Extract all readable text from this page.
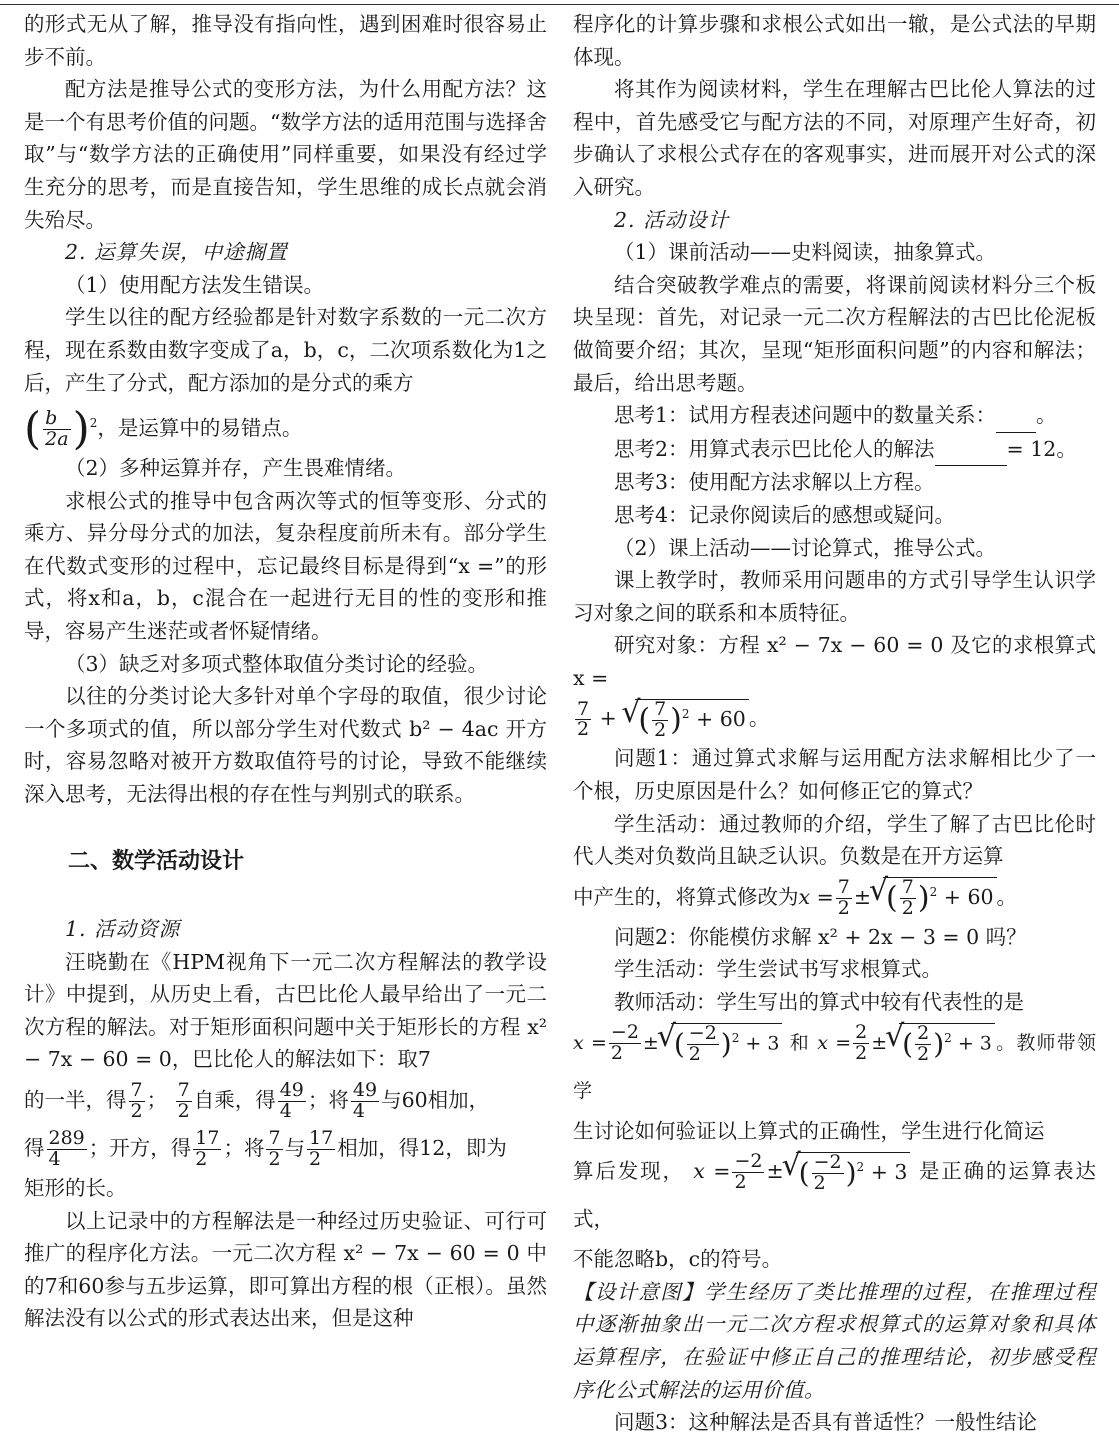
的形式无从了解，推导没有指向性，遇到困难时很容易止步不前。

配方法是推导公式的变形方法，为什么用配方法？这是一个有思考价值的问题。“数学方法的适用范围与选择舍取”与“数学方法的正确使用”同样重要，如果没有经过学生充分的思考，而是直接告知，学生思维的成长点就会消失殆尽。

2. 运算失误，中途搁置

（1）使用配方法发生错误。

学生以往的配方经验都是针对数字系数的一元二次方程，现在系数由数字变成了a，b，c，二次项系数化为1之后，产生了分式，配方添加的是分式的乘方

( $\frac{b}{2a} )^2$，是运算中的易错点。

（2）多种运算并存，产生畏难情绪。

求根公式的推导中包含两次等式的恒等变形、分式的乘方、异分母分式的加法，复杂程度前所未有。部分学生在代数式变形的过程中，忘记最终目标是得到“x =”的形式，将x和a，b，c混合在一起进行无目的性的变形和推导，容易产生迷茫或者怀疑情绪。

（3）缺乏对多项式整体取值分类讨论的经验。

以往的分类讨论大多针对单个字母的取值，很少讨论一个多项式的值，所以部分学生对代数式 b² − 4ac 开方时，容易忽略对被开方数取值符号的讨论，导致不能继续深入思考，无法得出根的存在性与判别式的联系。

二、数学活动设计

1. 活动资源

汪晓勤在《HPM视角下一元二次方程解法的教学设计》中提到，从历史上看，古巴比伦人最早给出了一元二次方程的解法。对于矩形面积问题中关于矩形长的方程 x² − 7x − 60 = 0，巴比伦人的解法如下：取7

的一半，得 $\frac{7}{2}$ ； $\frac{7}{2}$ 自乘，得 $\frac{49}{4}$ ；将 $\frac{49}{4}$ 与60相加，

得 $\frac{289}{4}$ ；开方，得 $\frac{17}{2}$ ；将 $\frac{7}{2}$ 与 $\frac{17}{2}$ 相加，得12，即为

矩形的长。

以上记录中的方程解法是一种经过历史验证、可行可推广的程序化方法。一元二次方程 x² − 7x − 60 = 0 中的7和60参与五步运算，即可算出方程的根（正根）。虽然解法没有以公式的形式表达出来，但是这种

程序化的计算步骤和求根公式如出一辙，是公式法的早期体现。

将其作为阅读材料，学生在理解古巴比伦人算法的过程中，首先感受它与配方法的不同，对原理产生好奇，初步确认了求根公式存在的客观事实，进而展开对公式的深入研究。

2. 活动设计

（1）课前活动——史料阅读，抽象算式。

结合突破教学难点的需要，将课前阅读材料分三个板块呈现：首先，对记录一元二次方程解法的古巴比伦泥板做简要介绍；其次，呈现“矩形面积问题”的内容和解法；最后，给出思考题。

思考1：试用方程表述问题中的数量关系： 。

思考2：用算式表示巴比伦人的解法	= 12。

思考3：使用配方法求解以上方程。

思考4：记录你阅读后的感想或疑问。

（2）课上活动——讨论算式，推导公式。

课上教学时，教师采用问题串的方式引导学生认识学习对象之间的联系和本质特征。

研究对象：方程 x² − 7x − 60 = 0 及它的求根算式 x =

$\frac{7}{2}$ + √ ( $\frac{7}{2} )^2 + 60$ 。

问题1：通过算式求解与运用配方法求解相比少了一个根，历史原因是什么？如何修正它的算式？

学生活动：通过教师的介绍，学生了解了古巴比伦时代人类对负数尚且缺乏认识。负数是在开方运算

中产生的，将算式修改为$x = \frac{7}{2}$ ± √ ( $\frac{7}{2} )^2 + 60$ 。

问题2：你能模仿求解 x² + 2x − 3 = 0 吗？

学生活动：学生尝试书写求根算式。

教师活动：学生写出的算式中较有代表性的是

$x = \frac{-2}{2}$ ± √ ( $\frac{-2}{2} )^2 + 3$ 和 $x = \frac{2}{2}$ ± √ ( $\frac{2}{2} )^2 + 3$ 。教师带领学

生讨论如何验证以上算式的正确性，学生进行化简运

算后发现， $x = \frac{-2}{2}$ ± √ ( $\frac{-2}{2} )^2 + 3$ 是正确的运算表达式，

不能忽略b，c的符号。

【设计意图】学生经历了类比推理的过程，在推理过程中逐渐抽象出一元二次方程求根算式的运算对象和具体运算程序，在验证中修正自己的推理结论，初步感受程序化公式解法的运用价值。

问题3：这种解法是否具有普适性？一般性结论
